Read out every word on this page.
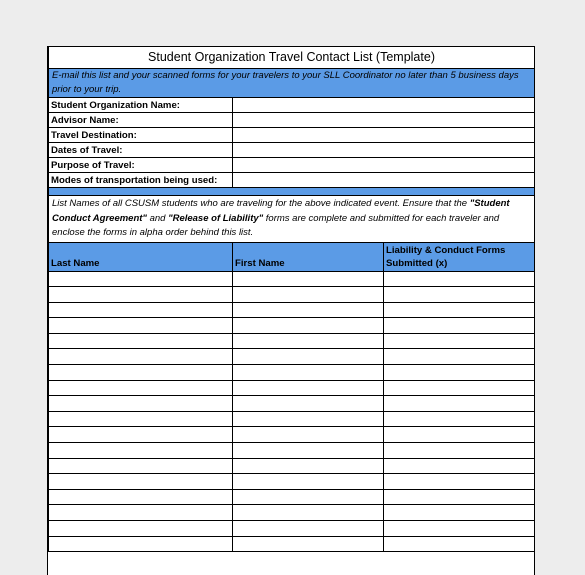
Student Organization Travel Contact List (Template)		
E-mail this list and your scanned forms for your travelers to your SLL Coordinator no later than 5 business days prior to your trip.		
Student Organization Name:		
Advisor Name:		
Travel Destination:		
Dates of Travel:		
Purpose of Travel:		
Modes of transportation being used:		

List Names of all CSUSM students who are traveling for the above indicated event. Ensure that the "Student Conduct Agreement" and "Release of Liability" forms are complete and submitted for each traveler and enclose the forms in alpha order behind this list.		
Last Name	First Name	Liability & Conduct Forms
Submitted (x)
